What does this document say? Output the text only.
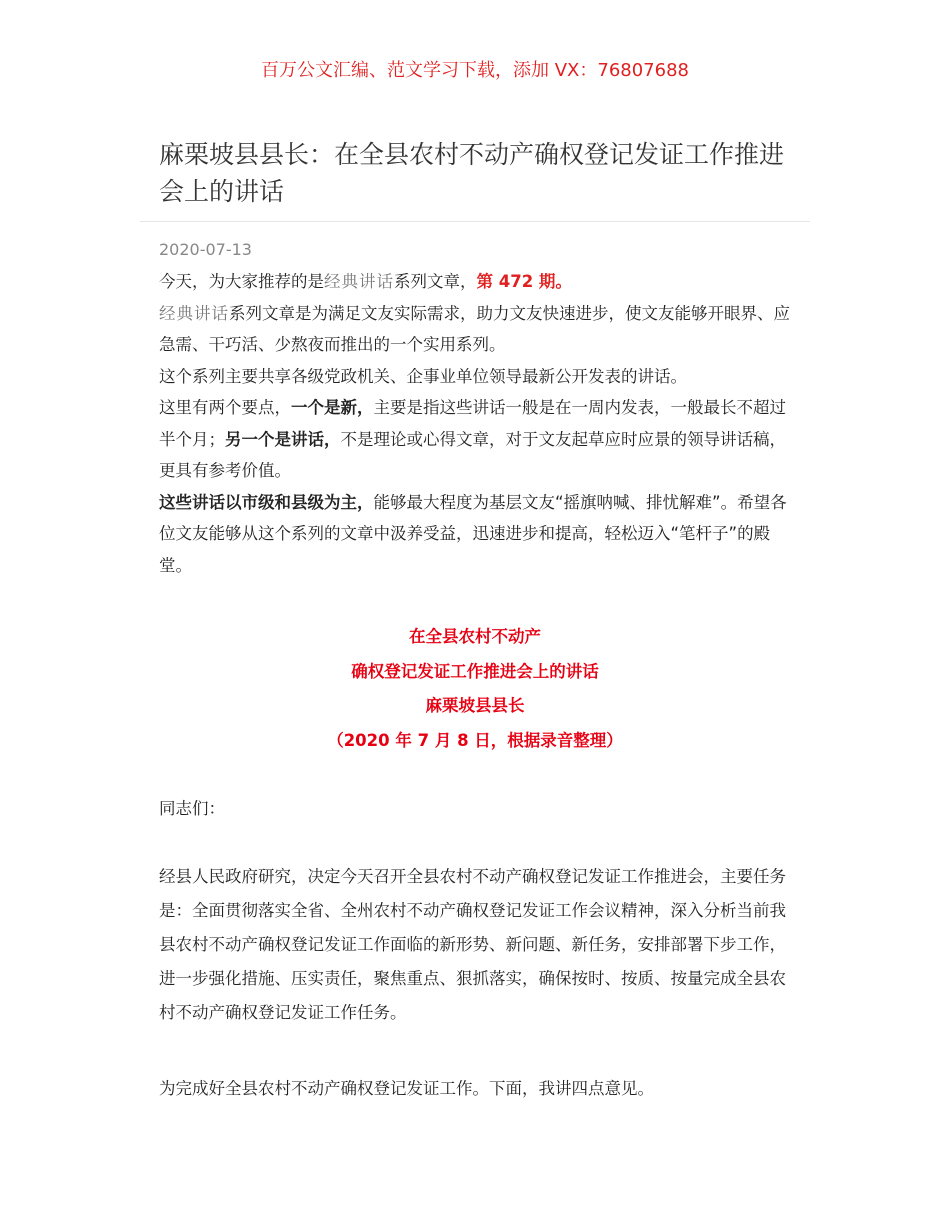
百万公文汇编、范文学习下载，添加 VX：76807688
麻栗坡县县长：在全县农村不动产确权登记发证工作推进会上的讲话
2020-07-13

今天，为大家推荐的是经典讲话系列文章，第 472 期。

经典讲话系列文章是为满足文友实际需求，助力文友快速进步，使文友能够开眼界、应急需、干巧活、少熬夜而推出的一个实用系列。

这个系列主要共享各级党政机关、企事业单位领导最新公开发表的讲话。

这里有两个要点，一个是新，主要是指这些讲话一般是在一周内发表，一般最长不超过半个月；另一个是讲话，不是理论或心得文章，对于文友起草应时应景的领导讲话稿，更具有参考价值。

这些讲话以市级和县级为主，能够最大程度为基层文友“摇旗呐喊、排忧解难”。希望各位文友能够从这个系列的文章中汲养受益，迅速进步和提高，轻松迈入“笔杆子”的殿堂。

在全县农村不动产
确权登记发证工作推进会上的讲话
麻栗坡县县长
（2020 年 7 月 8 日，根据录音整理）
同志们：

经县人民政府研究，决定今天召开全县农村不动产确权登记发证工作推进会，主要任务是：全面贯彻落实全省、全州农村不动产确权登记发证工作会议精神，深入分析当前我县农村不动产确权登记发证工作面临的新形势、新问题、新任务，安排部署下步工作，进一步强化措施、压实责任，聚焦重点、狠抓落实，确保按时、按质、按量完成全县农村不动产确权登记发证工作任务。

为完成好全县农村不动产确权登记发证工作。下面，我讲四点意见。
